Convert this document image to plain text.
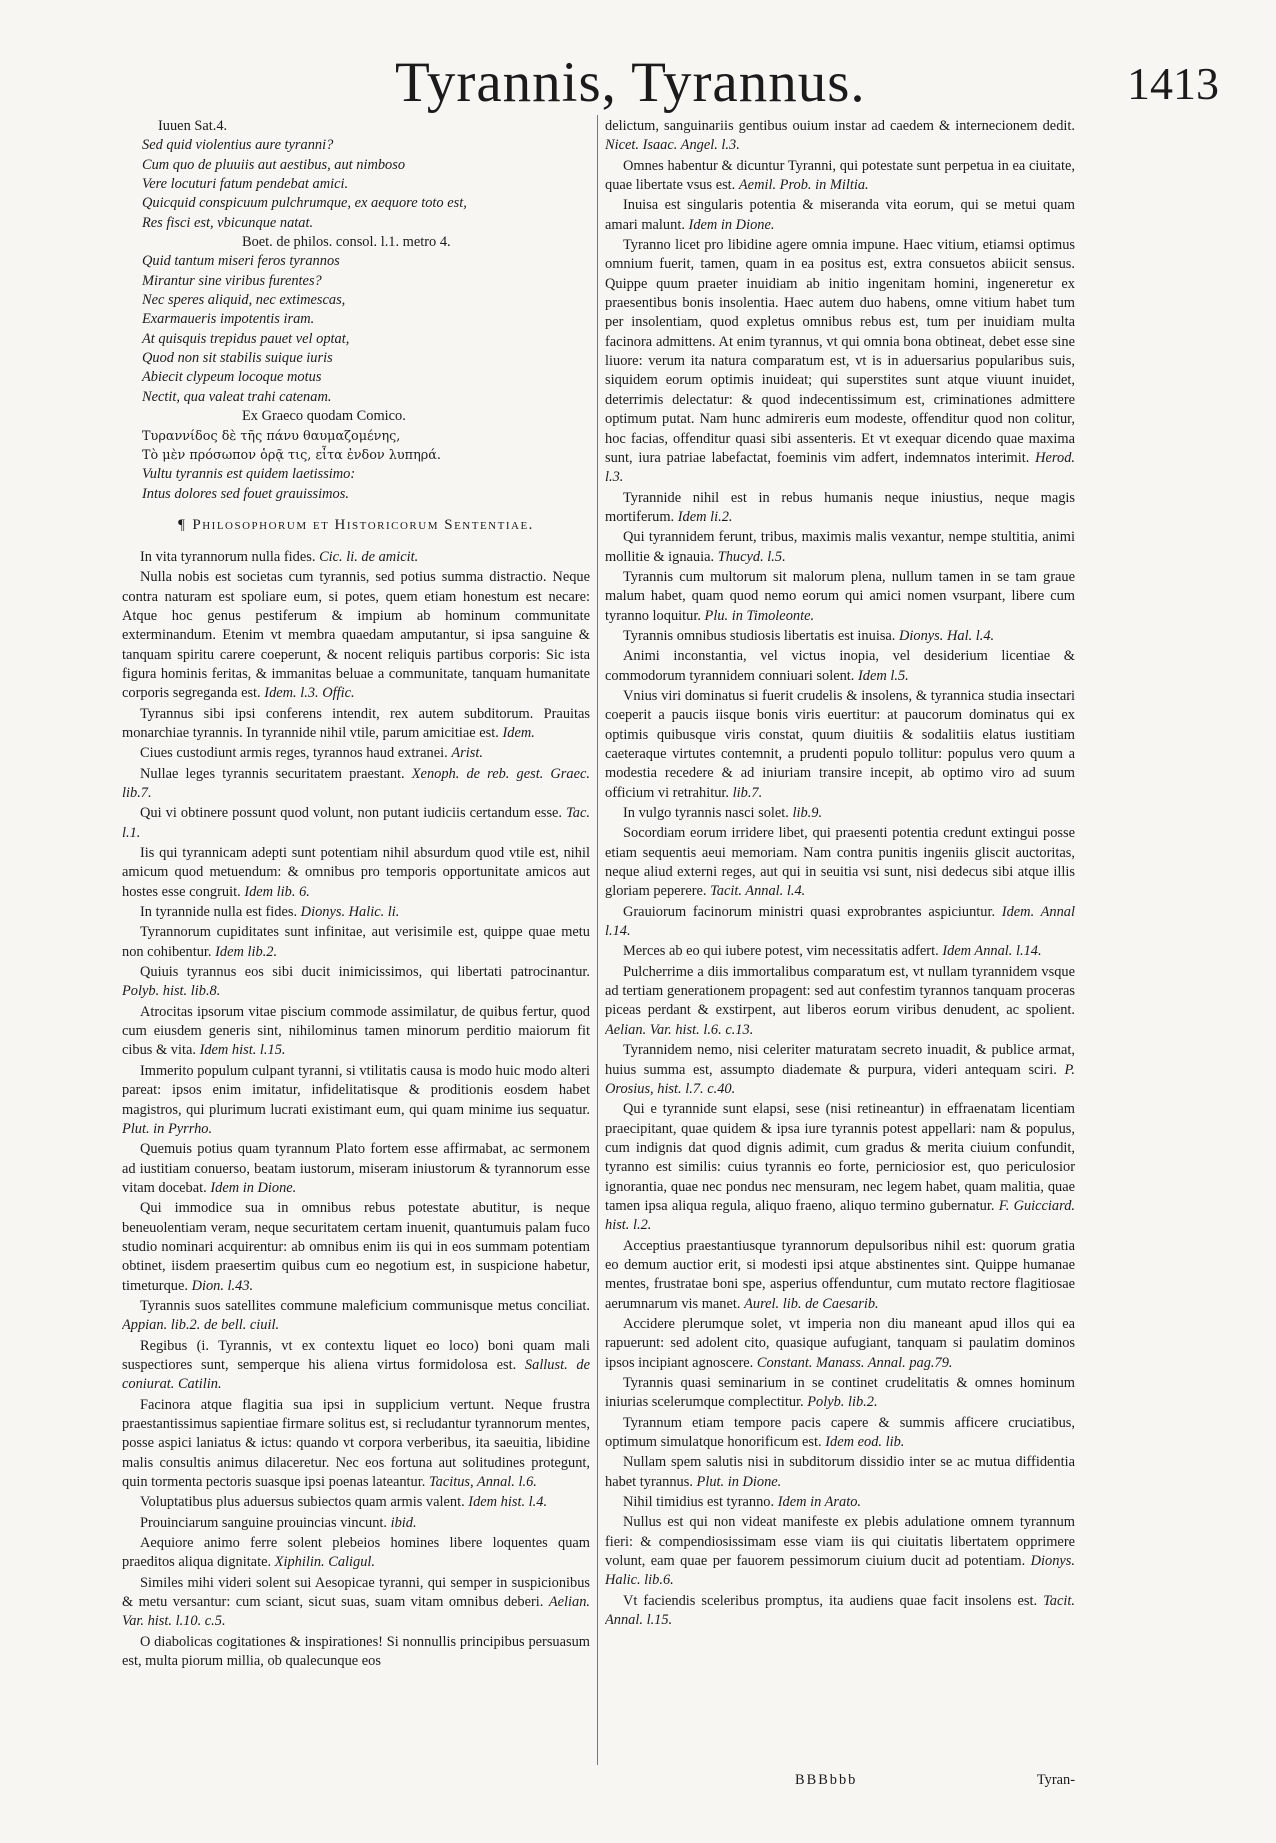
Tyrannis, Tyrannus.	1413
Iuuen Sat.4.
Sed quid violentius aure tyranni?
Cum quo de pluuiis aut aestibus, aut nimboso
Vere locuturi fatum pendebat amici.
Quicquid conspicuum pulchrumque, ex aequore toto est,
Res fisci est, vbicunque natat.
Boet. de philos. consol. l.1. metro 4.
Quid tantum miseri feros tyrannos
Mirantur sine viribus furentes?
Nec speres aliquid, nec extimescas,
Exarmaueris impotentis iram.
At quisquis trepidus pauet vel optat,
Quod non sit stabilis suique iuris
Abiecit clypeum locoque motus
Nectit, qua valeat trahi catenam.
Ex Graeco quodam Comico.
Τυραννίδος δὲ τῆς πάνυ θαυμαζομένης,
Τὸ μὲν πρόσωπον ὁρᾷ τις, εἶτα ἐνδον λυπηρά.
Vultu tyrannis est quidem laetissimo:
Intus dolores sed fouet grauissimos.
¶ Philosophorum et Historicorum Sententiae.

In vita tyrannorum nulla fides. Cic. li. de amicit.

Nulla nobis est societas cum tyrannis, sed potius summa distractio. Neque contra naturam est spoliare eum, si potes, quem etiam honestum est necare: Atque hoc genus pestiferum & impium ab hominum communitate exterminandum. Etenim vt membra quaedam amputantur, si ipsa sanguine & tanquam spiritu carere coeperunt, & nocent reliquis partibus corporis: Sic ista figura hominis feritas, & immanitas beluae a communitate, tanquam humanitate corporis segreganda est. Idem. l.3. Offic.

Tyrannus sibi ipsi conferens intendit, rex autem subditorum. Prauitas monarchiae tyrannis. In tyrannide nihil vtile, parum amicitiae est. Idem.

Ciues custodiunt armis reges, tyrannos haud extranei. Arist.

Nullae leges tyrannis securitatem praestant. Xenoph. de reb. gest. Graec. lib.7.

Qui vi obtinere possunt quod volunt, non putant iudiciis certandum esse. Tac. l.1.

Iis qui tyrannicam adepti sunt potentiam nihil absurdum quod vtile est, nihil amicum quod metuendum: & omnibus pro temporis opportunitate amicos aut hostes esse congruit. Idem lib. 6.

In tyrannide nulla est fides. Dionys. Halic. li.

Tyrannorum cupiditates sunt infinitae, aut verisimile est, quippe quae metu non cohibentur. Idem lib.2.

Quiuis tyrannus eos sibi ducit inimicissimos, qui libertati patrocinantur. Polyb. hist. lib.8.

Atrocitas ipsorum vitae piscium commode assimilatur, de quibus fertur, quod cum eiusdem generis sint, nihilominus tamen minorum perditio maiorum fit cibus & vita. Idem hist. l.15.

Immerito populum culpant tyranni, si vtilitatis causa is modo huic modo alteri pareat: ipsos enim imitatur, infidelitatisque & proditionis eosdem habet magistros, qui plurimum lucrati existimant eum, qui quam minime ius sequatur. Plut. in Pyrrho.

Quemuis potius quam tyrannum Plato fortem esse affirmabat, ac sermonem ad iustitiam conuerso, beatam iustorum, miseram iniustorum & tyrannorum esse vitam docebat. Idem in Dione.

Qui immodice sua in omnibus rebus potestate abutitur, is neque beneuolentiam veram, neque securitatem certam inuenit, quantumuis palam fuco studio nominari acquirentur: ab omnibus enim iis qui in eos summam potentiam obtinet, iisdem praesertim quibus cum eo negotium est, in suspicione habetur, timeturque. Dion. l.43.

Tyrannis suos satellites commune maleficium communisque metus conciliat. Appian. lib.2. de bell. ciuil.

Regibus (i. Tyrannis, vt ex contextu liquet eo loco) boni quam mali suspectiores sunt, semperque his aliena virtus formidolosa est. Sallust. de coniurat. Catilin.

Facinora atque flagitia sua ipsi in supplicium vertunt. Neque frustra praestantissimus sapientiae firmare solitus est, si recludantur tyrannorum mentes, posse aspici laniatus & ictus: quando vt corpora verberibus, ita saeuitia, libidine malis consultis animus dilaceretur. Nec eos fortuna aut solitudines protegunt, quin tormenta pectoris suasque ipsi poenas lateantur. Tacitus, Annal. l.6.

Voluptatibus plus aduersus subiectos quam armis valent. Idem hist. l.4.

Prouinciarum sanguine prouincias vincunt. ibid.

Aequiore animo ferre solent plebeios homines libere loquentes quam praeditos aliqua dignitate. Xiphilin. Caligul.

Similes mihi videri solent sui Aesopicae tyranni, qui semper in suspicionibus & metu versantur: cum sciant, sicut suas, suam vitam omnibus deberi. Aelian. Var. hist. l.10. c.5.

O diabolicas cogitationes & inspirationes! Si nonnullis principibus persuasum est, multa piorum millia, ob qualecunque eos

delictum, sanguinariis gentibus ouium instar ad caedem & internecionem dedit. Nicet. Isaac. Angel. l.3.

Omnes habentur & dicuntur Tyranni, qui potestate sunt perpetua in ea ciuitate, quae libertate vsus est. Aemil. Prob. in Miltia.

Inuisa est singularis potentia & miseranda vita eorum, qui se metui quam amari malunt. Idem in Dione.

Tyranno licet pro libidine agere omnia impune. Haec vitium, etiamsi optimus omnium fuerit, tamen, quam in ea positus est, extra consuetos abiicit sensus. Quippe quum praeter inuidiam ab initio ingenitam homini, ingeneretur ex praesentibus bonis insolentia. Haec autem duo habens, omne vitium habet tum per insolentiam, quod expletus omnibus rebus est, tum per inuidiam multa facinora admittens. At enim tyrannus, vt qui omnia bona obtineat, debet esse sine liuore: verum ita natura comparatum est, vt is in aduersarius popularibus suis, siquidem eorum optimis inuideat; qui superstites sunt atque viuunt inuidet, deterrimis delectatur: & quod indecentissimum est, criminationes admittere optimum putat. Nam hunc admireris eum modeste, offenditur quod non colitur, hoc facias, offenditur quasi sibi assenteris. Et vt exequar dicendo quae maxima sunt, iura patriae labefactat, foeminis vim adfert, indemnatos interimit. Herod. l.3.

Tyrannide nihil est in rebus humanis neque iniustius, neque magis mortiferum. Idem li.2.

Qui tyrannidem ferunt, tribus, maximis malis vexantur, nempe stultitia, animi mollitie & ignauia. Thucyd. l.5.

Tyrannis cum multorum sit malorum plena, nullum tamen in se tam graue malum habet, quam quod nemo eorum qui amici nomen vsurpant, libere cum tyranno loquitur. Plu. in Timoleonte.

Tyrannis omnibus studiosis libertatis est inuisa. Dionys. Hal. l.4.

Animi inconstantia, vel victus inopia, vel desiderium licentiae & commodorum tyrannidem conniuari solent. Idem l.5.

Vnius viri dominatus si fuerit crudelis & insolens, & tyrannica studia insectari coeperit a paucis iisque bonis viris euertitur: at paucorum dominatus qui ex optimis quibusque viris constat, quum diuitiis & sodalitiis elatus iustitiam caeteraque virtutes contemnit, a prudenti populo tollitur: populus vero quum a modestia recedere & ad iniuriam transire incepit, ab optimo viro ad suum officium vi retrahitur. lib.7.

In vulgo tyrannis nasci solet. lib.9.

Socordiam eorum irridere libet, qui praesenti potentia credunt extingui posse etiam sequentis aeui memoriam. Nam contra punitis ingeniis gliscit auctoritas, neque aliud externi reges, aut qui in seuitia vsi sunt, nisi dedecus sibi atque illis gloriam peperere. Tacit. Annal. l.4.

Grauiorum facinorum ministri quasi exprobrantes aspiciuntur. Idem. Annal l.14.

Merces ab eo qui iubere potest, vim necessitatis adfert. Idem Annal. l.14.

Pulcherrime a diis immortalibus comparatum est, vt nullam tyrannidem vsque ad tertiam generationem propagent: sed aut confestim tyrannos tanquam proceras piceas perdant & exstirpent, aut liberos eorum viribus denudent, ac spolient. Aelian. Var. hist. l.6. c.13.

Tyrannidem nemo, nisi celeriter maturatam secreto inuadit, & publice armat, huius summa est, assumpto diademate & purpura, videri antequam sciri. P. Orosius, hist. l.7. c.40.

Qui e tyrannide sunt elapsi, sese (nisi retineantur) in effraenatam licentiam praecipitant, quae quidem & ipsa iure tyrannis potest appellari: nam & populus, cum indignis dat quod dignis adimit, cum gradus & merita ciuium confundit, tyranno est similis: cuius tyrannis eo forte, perniciosior est, quo periculosior ignorantia, quae nec pondus nec mensuram, nec legem habet, quam malitia, quae tamen ipsa aliqua regula, aliquo fraeno, aliquo termino gubernatur. F. Guicciard. hist. l.2.

Acceptius praestantiusque tyrannorum depulsoribus nihil est: quorum gratia eo demum auctior erit, si modesti ipsi atque abstinentes sint. Quippe humanae mentes, frustratae boni spe, asperius offenduntur, cum mutato rectore flagitiosae aerumnarum vis manet. Aurel. lib. de Caesarib.

Accidere plerumque solet, vt imperia non diu maneant apud illos qui ea rapuerunt: sed adolent cito, quasique aufugiant, tanquam si paulatim dominos ipsos incipiant agnoscere. Constant. Manass. Annal. pag.79.

Tyrannis quasi seminarium in se continet crudelitatis & omnes hominum iniurias scelerumque complectitur. Polyb. lib.2.

Tyrannum etiam tempore pacis capere & summis afficere cruciatibus, optimum simulatque honorificum est. Idem eod. lib.

Nullam spem salutis nisi in subditorum dissidio inter se ac mutua diffidentia habet tyrannus. Plut. in Dione.

Nihil timidius est tyranno. Idem in Arato.

Nullus est qui non videat manifeste ex plebis adulatione omnem tyrannum fieri: & compendiosissimam esse viam iis qui ciuitatis libertatem opprimere volunt, eam quae per fauorem pessimorum ciuium ducit ad potentiam. Dionys. Halic. lib.6.

Vt faciendis sceleribus promptus, ita audiens quae facit insolens est. Tacit. Annal. l.15.

BBBbbb	Tyran-
